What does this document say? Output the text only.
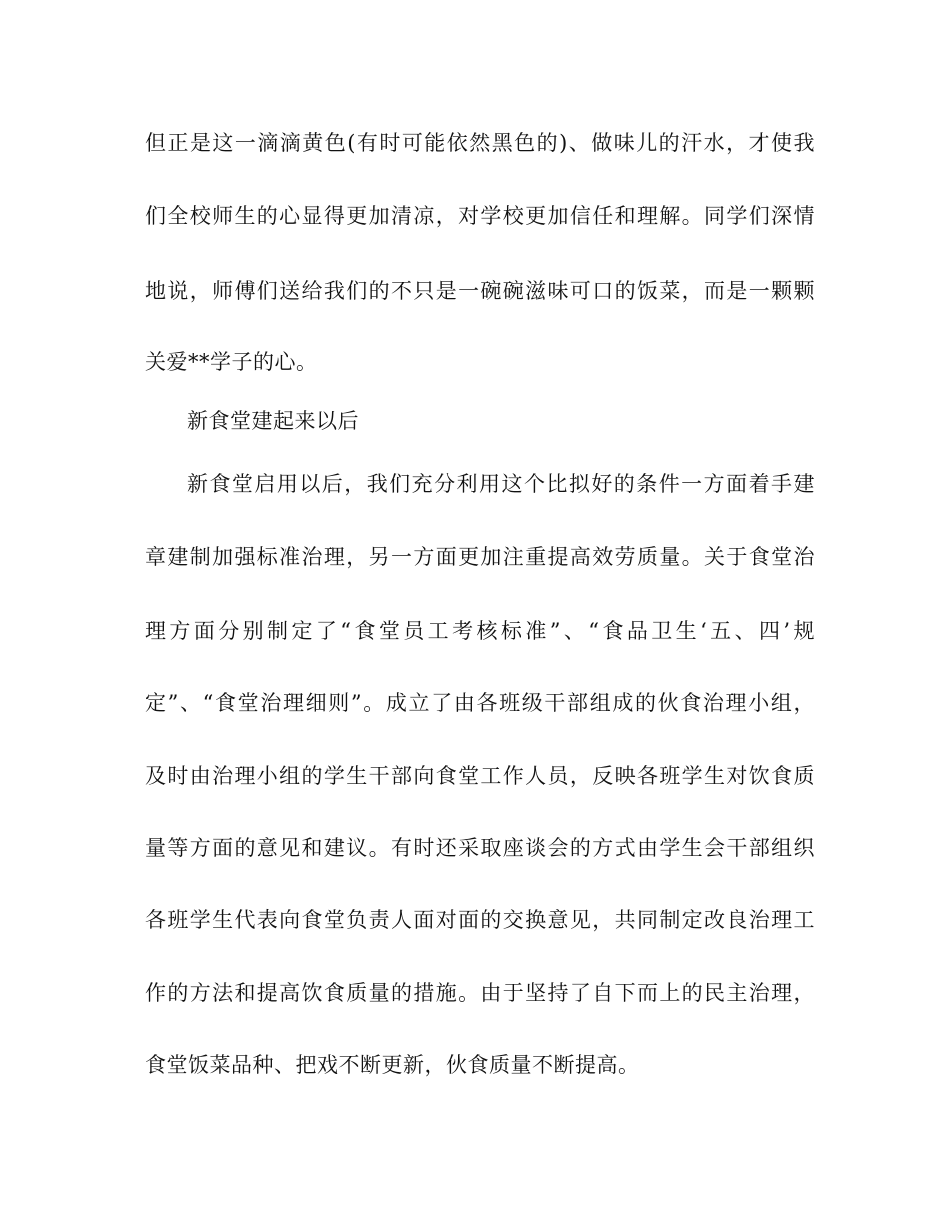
但正是这一滴滴黄色(有时可能依然黑色的)、做味儿的汗水，才使我
们全校师生的心显得更加清凉，对学校更加信任和理解。同学们深情
地说，师傅们送给我们的不只是一碗碗滋味可口的饭菜，而是一颗颗
关爱**学子的心。
新食堂建起来以后
新食堂启用以后，我们充分利用这个比拟好的条件一方面着手建
章建制加强标准治理，另一方面更加注重提高效劳质量。关于食堂治
理方面分别制定了“食堂员工考核标准”、“食品卫生‘五、四’规
定”、“食堂治理细则”。成立了由各班级干部组成的伙食治理小组，
及时由治理小组的学生干部向食堂工作人员，反映各班学生对饮食质
量等方面的意见和建议。有时还采取座谈会的方式由学生会干部组织
各班学生代表向食堂负责人面对面的交换意见，共同制定改良治理工
作的方法和提高饮食质量的措施。由于坚持了自下而上的民主治理，
食堂饭菜品种、把戏不断更新，伙食质量不断提高。
